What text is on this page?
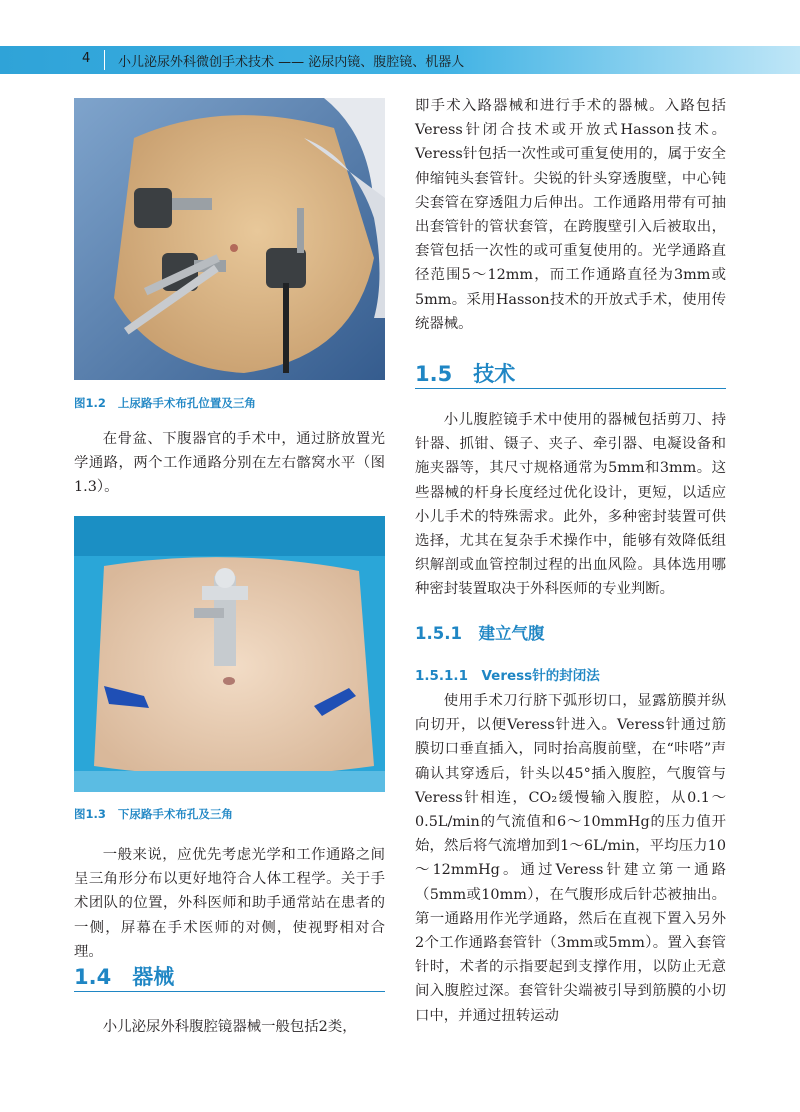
4 小儿泌尿外科微创手术技术 —— 泌尿内镜、腹腔镜、机器人
图1.2 上尿路手术布孔位置及三角

在骨盆、下腹器官的手术中，通过脐放置光学通路，两个工作通路分别在左右髂窝水平（图1.3）。

图1.3 下尿路手术布孔及三角

一般来说，应优先考虑光学和工作通路之间呈三角形分布以更好地符合人体工程学。关于手术团队的位置，外科医师和助手通常站在患者的一侧，屏幕在手术医师的对侧，使视野相对合理。

1.4　器械

小儿泌尿外科腹腔镜器械一般包括2类，

即手术入路器械和进行手术的器械。入路包括Veress针闭合技术或开放式Hasson技术。Veress针包括一次性或可重复使用的，属于安全伸缩钝头套管针。尖锐的针头穿透腹壁，中心钝尖套管在穿透阻力后伸出。工作通路用带有可抽出套管针的管状套管，在跨腹壁引入后被取出，套管包括一次性的或可重复使用的。光学通路直径范围5～12mm，而工作通路直径为3mm或5mm。采用Hasson技术的开放式手术，使用传统器械。

1.5　技术

小儿腹腔镜手术中使用的器械包括剪刀、持针器、抓钳、镊子、夹子、牵引器、电凝设备和施夹器等，其尺寸规格通常为5mm和3mm。这些器械的杆身长度经过优化设计，更短，以适应小儿手术的特殊需求。此外，多种密封装置可供选择，尤其在复杂手术操作中，能够有效降低组织解剖或血管控制过程的出血风险。具体选用哪种密封装置取决于外科医师的专业判断。

1.5.1　建立气腹
1.5.1.1　Veress针的封闭法

使用手术刀行脐下弧形切口，显露筋膜并纵向切开，以便Veress针进入。Veress针通过筋膜切口垂直插入，同时抬高腹前壁，在“咔嗒”声确认其穿透后，针头以45°插入腹腔，气腹管与Veress针相连，CO₂缓慢输入腹腔，从0.1～0.5L/min的气流值和6～10mmHg的压力值开始，然后将气流增加到1～6L/min，平均压力10～12mmHg。通过Veress针建立第一通路（5mm或10mm），在气腹形成后针芯被抽出。第一通路用作光学通路，然后在直视下置入另外2个工作通路套管针（3mm或5mm）。置入套管针时，术者的示指要起到支撑作用，以防止无意间入腹腔过深。套管针尖端被引导到筋膜的小切口中，并通过扭转运动
